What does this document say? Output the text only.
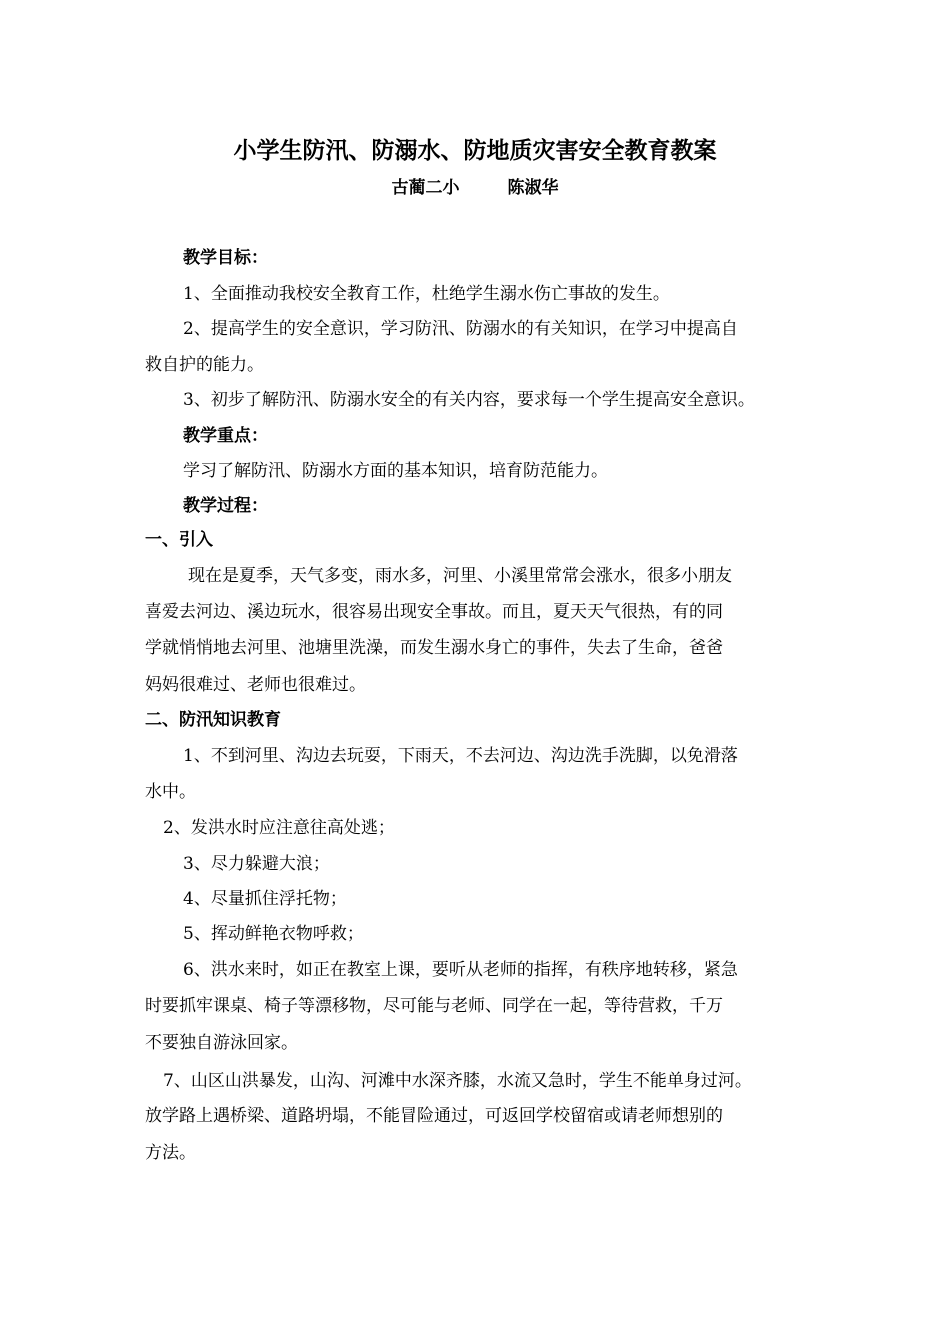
小学生防汛、防溺水、防地质灾害安全教育教案
古蔺二小	陈淑华
教学目标：
1、全面推动我校安全教育工作，杜绝学生溺水伤亡事故的发生。
2、提高学生的安全意识，学习防汛、防溺水的有关知识，在学习中提高自
救自护的能力。
3、初步了解防汛、防溺水安全的有关内容，要求每一个学生提高安全意识。
教学重点：
学习了解防汛、防溺水方面的基本知识，培育防范能力。
教学过程：
一、引入
现在是夏季，天气多变，雨水多，河里、小溪里常常会涨水，很多小朋友
喜爱去河边、溪边玩水，很容易出现安全事故。而且，夏天天气很热，有的同
学就悄悄地去河里、池塘里洗澡，而发生溺水身亡的事件，失去了生命，爸爸
妈妈很难过、老师也很难过。
二、防汛知识教育
1、不到河里、沟边去玩耍，下雨天，不去河边、沟边洗手洗脚，以免滑落
水中。
2、发洪水时应注意往高处逃；
3、尽力躲避大浪；
4、尽量抓住浮托物；
5、挥动鲜艳衣物呼救；
6、洪水来时，如正在教室上课，要听从老师的指挥，有秩序地转移，紧急
时要抓牢课桌、椅子等漂移物，尽可能与老师、同学在一起，等待营救，千万
不要独自游泳回家。
7、山区山洪暴发，山沟、河滩中水深齐膝，水流又急时，学生不能单身过河。
放学路上遇桥梁、道路坍塌，不能冒险通过，可返回学校留宿或请老师想别的
方法。
